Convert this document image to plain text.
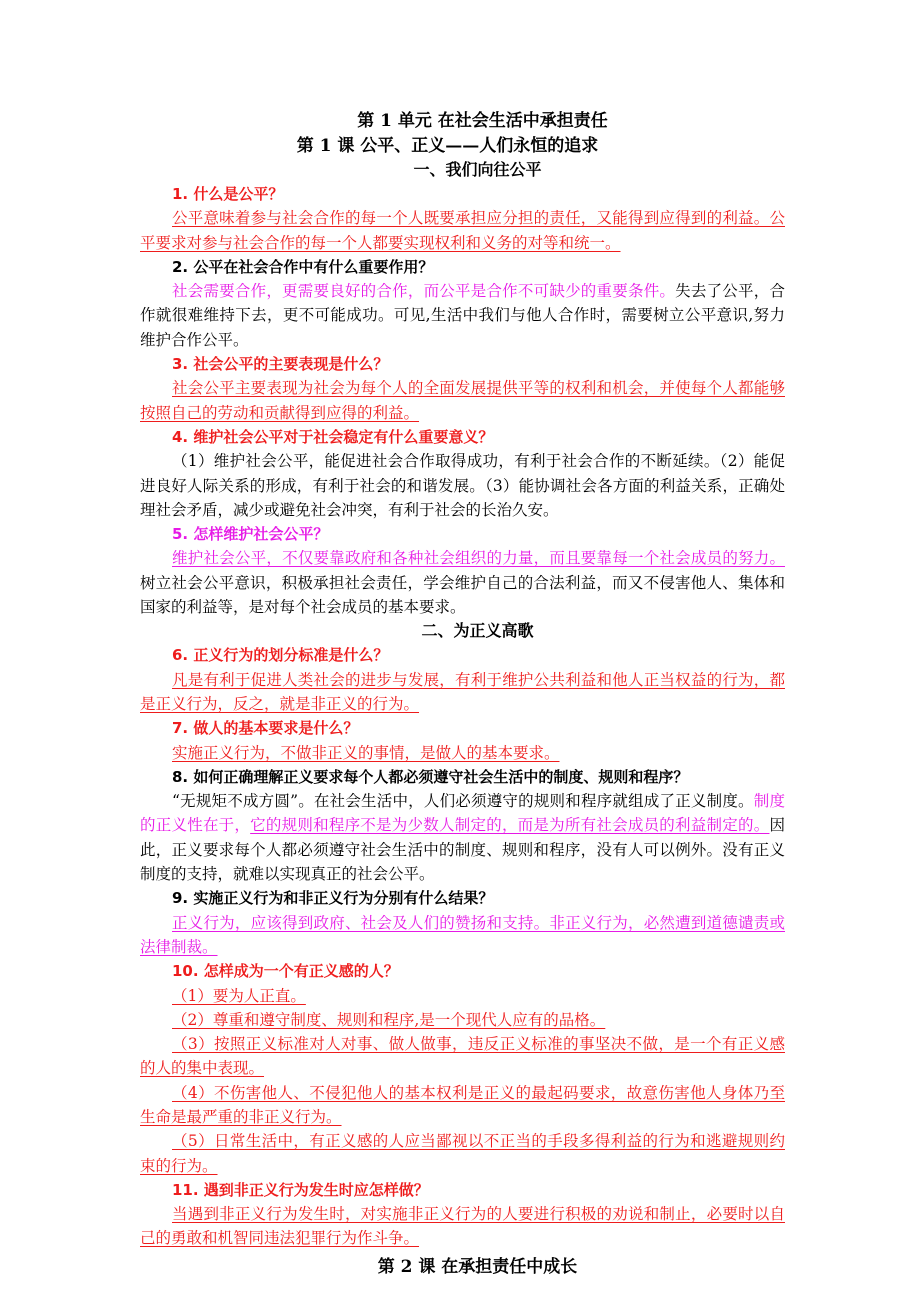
第 1 单元 在社会生活中承担责任
第 1 课 公平、正义——人们永恒的追求
一、我们向往公平
1. 什么是公平？
公平意味着参与社会合作的每一个人既要承担应分担的责任，又能得到应得到的利益。公平要求对参与社会合作的每一个人都要实现权利和义务的对等和统一。
2. 公平在社会合作中有什么重要作用？
社会需要合作，更需要良好的合作，而公平是合作不可缺少的重要条件。失去了公平，合作就很难维持下去，更不可能成功。可见,生活中我们与他人合作时，需要树立公平意识,努力维护合作公平。
3. 社会公平的主要表现是什么？
社会公平主要表现为社会为每个人的全面发展提供平等的权利和机会，并使每个人都能够按照自己的劳动和贡献得到应得的利益。
4. 维护社会公平对于社会稳定有什么重要意义？
（1）维护社会公平，能促进社会合作取得成功，有利于社会合作的不断延续。（2）能促进良好人际关系的形成，有利于社会的和谐发展。（3）能协调社会各方面的利益关系，正确处理社会矛盾，减少或避免社会冲突，有利于社会的长治久安。
5. 怎样维护社会公平？
维护社会公平，不仅要靠政府和各种社会组织的力量，而且要靠每一个社会成员的努力。树立社会公平意识，积极承担社会责任，学会维护自己的合法利益，而又不侵害他人、集体和国家的利益等，是对每个社会成员的基本要求。
二、为正义高歌
6. 正义行为的划分标准是什么？
凡是有利于促进人类社会的进步与发展，有利于维护公共利益和他人正当权益的行为，都是正义行为，反之，就是非正义的行为。
7. 做人的基本要求是什么？
实施正义行为，不做非正义的事情，是做人的基本要求。
8. 如何正确理解正义要求每个人都必须遵守社会生活中的制度、规则和程序？
“无规矩不成方圆”。在社会生活中，人们必须遵守的规则和程序就组成了正义制度。制度的正义性在于，它的规则和程序不是为少数人制定的，而是为所有社会成员的利益制定的。因此，正义要求每个人都必须遵守社会生活中的制度、规则和程序，没有人可以例外。没有正义制度的支持，就难以实现真正的社会公平。
9. 实施正义行为和非正义行为分别有什么结果？
正义行为，应该得到政府、社会及人们的赞扬和支持。非正义行为，必然遭到道德谴责或法律制裁。
10. 怎样成为一个有正义感的人？
（1）要为人正直。
（2）尊重和遵守制度、规则和程序,是一个现代人应有的品格。
（3）按照正义标准对人对事、做人做事，违反正义标准的事坚决不做，是一个有正义感的人的集中表现。
（4）不伤害他人、不侵犯他人的基本权利是正义的最起码要求，故意伤害他人身体乃至生命是最严重的非正义行为。
（5）日常生活中，有正义感的人应当鄙视以不正当的手段多得利益的行为和逃避规则约束的行为。
11. 遇到非正义行为发生时应怎样做？
当遇到非正义行为发生时，对实施非正义行为的人要进行积极的劝说和制止，必要时以自己的勇敢和机智同违法犯罪行为作斗争。
第 2 课 在承担责任中成长
